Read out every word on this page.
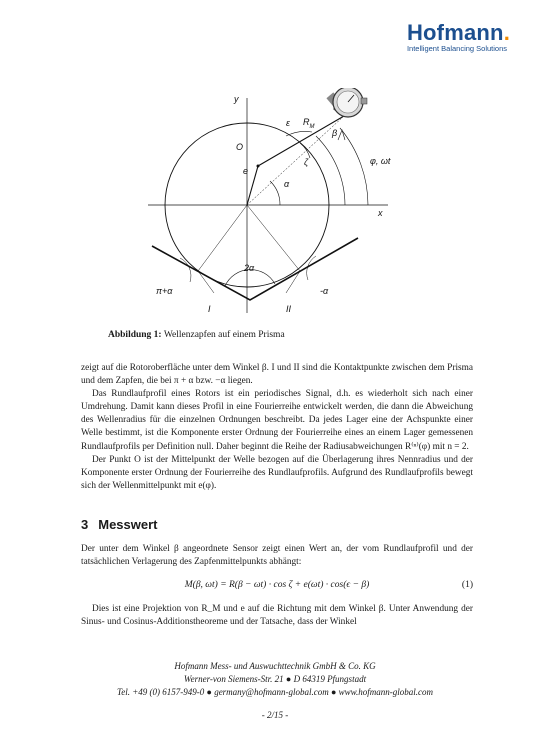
Hofmann.
Intelligent Balancing Solutions
y
x
O
e
α
ε $R_M$
β
ζ	φ, ωt
2α
π+α	-α
I	II
Abbildung 1: Wellenzapfen auf einem Prisma

zeigt auf die Rotoroberfläche unter dem Winkel β. I und II sind die Kontaktpunkte zwischen dem Prisma und dem Zapfen, die bei π + α bzw. −α liegen.

Das Rundlaufprofil eines Rotors ist ein periodisches Signal, d.h. es wiederholt sich nach einer Umdrehung. Damit kann dieses Profil in eine Fourierreihe entwickelt werden, die dann die Abweichung des Wellenradius für die einzelnen Ordnungen beschreibt. Da jedes Lager eine der Achspunkte einer Welle bestimmt, ist die Komponente erster Ordnung der Fourierreihe eines an einem Lager gemessenen Rundlaufprofils per Definition null. Daher beginnt die Reihe der Radiusabweichungen R⁽ⁿ⁾(φ) mit n = 2.

Der Punkt O ist der Mittelpunkt der Welle bezogen auf die Überlagerung ihres Nennradius und der Komponente erster Ordnung der Fourierreihe des Rundlaufprofils. Aufgrund des Rundlaufprofils bewegt sich der Wellenmittelpunkt mit e(φ).

3 Messwert

Der unter dem Winkel β angeordnete Sensor zeigt einen Wert an, der vom Rundlaufprofil und der tatsächlichen Verlagerung des Zapfenmittelpunkts abhängt:

M(β, ωt) = R(β − ωt) · cos ζ + e(ωt) · cos(ϵ − β)	(1)

Dies ist eine Projektion von R_M und e auf die Richtung mit dem Winkel β. Unter Anwendung der Sinus- und Cosinus-Additionstheoreme und der Tatsache, dass der Winkel

Hofmann Mess- und Auswuchttechnik GmbH & Co. KG
Werner-von Siemens-Str. 21 ● D 64319 Pfungstadt
Tel. +49 (0) 6157-949-0 ● germany@hofmann-global.com ● www.hofmann-global.com
- 2/15 -
